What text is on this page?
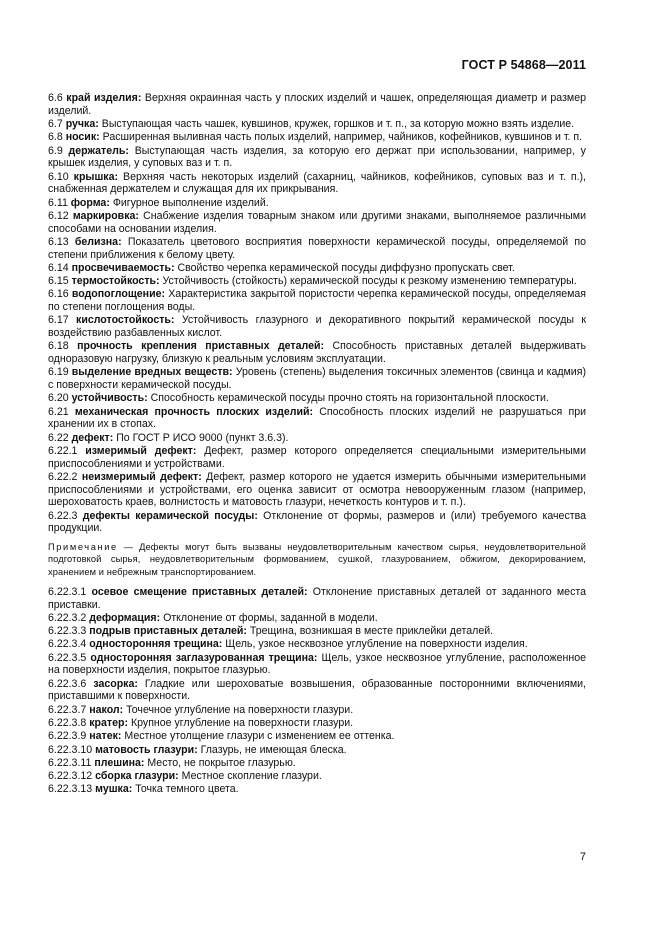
ГОСТ Р 54868—2011
6.6 край изделия: Верхняя окраинная часть у плоских изделий и чашек, определяющая диаметр и размер изделий.
6.7 ручка: Выступающая часть чашек, кувшинов, кружек, горшков и т. п., за которую можно взять изделие.
6.8 носик: Расширенная выливная часть полых изделий, например, чайников, кофейников, кувшинов и т. п.
6.9 держатель: Выступающая часть изделия, за которую его держат при использовании, например, у крышек изделия, у суповых ваз и т. п.
6.10 крышка: Верхняя часть некоторых изделий (сахарниц, чайников, кофейников, суповых ваз и т. п.), снабженная держателем и служащая для их прикрывания.
6.11 форма: Фигурное выполнение изделий.
6.12 маркировка: Снабжение изделия товарным знаком или другими знаками, выполняемое различными способами на основании изделия.
6.13 белизна: Показатель цветового восприятия поверхности керамической посуды, определяемой по степени приближения к белому цвету.
6.14 просвечиваемость: Свойство черепка керамической посуды диффузно пропускать свет.
6.15 термостойкость: Устойчивость (стойкость) керамической посуды к резкому изменению температуры.
6.16 водопоглощение: Характеристика закрытой пористости черепка керамической посуды, определяемая по степени поглощения воды.
6.17 кислотостойкость: Устойчивость глазурного и декоративного покрытий керамической посуды к воздействию разбавленных кислот.
6.18 прочность крепления приставных деталей: Способность приставных деталей выдерживать одноразовую нагрузку, близкую к реальным условиям эксплуатации.
6.19 выделение вредных веществ: Уровень (степень) выделения токсичных элементов (свинца и кадмия) с поверхности керамической посуды.
6.20 устойчивость: Способность керамической посуды прочно стоять на горизонтальной плоскости.
6.21 механическая прочность плоских изделий: Способность плоских изделий не разрушаться при хранении их в стопах.
6.22 дефект: По ГОСТ Р ИСО 9000 (пункт 3.6.3).
6.22.1 измеримый дефект: Дефект, размер которого определяется специальными измерительными приспособлениями и устройствами.
6.22.2 неизмеримый дефект: Дефект, размер которого не удается измерить обычными измерительными приспособлениями и устройствами, его оценка зависит от осмотра невооруженным глазом (например, шероховатость краев, волнистость и матовость глазури, нечеткость контуров и т. п.).
6.22.3 дефекты керамической посуды: Отклонение от формы, размеров и (или) требуемого качества продукции.
Примечание — Дефекты могут быть вызваны неудовлетворительным качеством сырья, неудовлетворительной подготовкой сырья, неудовлетворительным формованием, сушкой, глазурованием, обжигом, декорированием, хранением и небрежным транспортированием.
6.22.3.1 осевое смещение приставных деталей: Отклонение приставных деталей от заданного места приставки.
6.22.3.2 деформация: Отклонение от формы, заданной в модели.
6.22.3.3 подрыв приставных деталей: Трещина, возникшая в месте приклейки деталей.
6.22.3.4 односторонняя трещина: Щель, узкое несквозное углубление на поверхности изделия.
6.22.3.5 односторонняя заглазурованная трещина: Щель, узкое несквозное углубление, расположенное на поверхности изделия, покрытое глазурью.
6.22.3.6 засорка: Гладкие или шероховатые возвышения, образованные посторонними включениями, приставшими к поверхности.
6.22.3.7 накол: Точечное углубление на поверхности глазури.
6.22.3.8 кратер: Крупное углубление на поверхности глазури.
6.22.3.9 натек: Местное утолщение глазури с изменением ее оттенка.
6.22.3.10 матовость глазури: Глазурь, не имеющая блеска.
6.22.3.11 плешина: Место, не покрытое глазурью.
6.22.3.12 сборка глазури: Местное скопление глазури.
6.22.3.13 мушка: Точка темного цвета.
7
